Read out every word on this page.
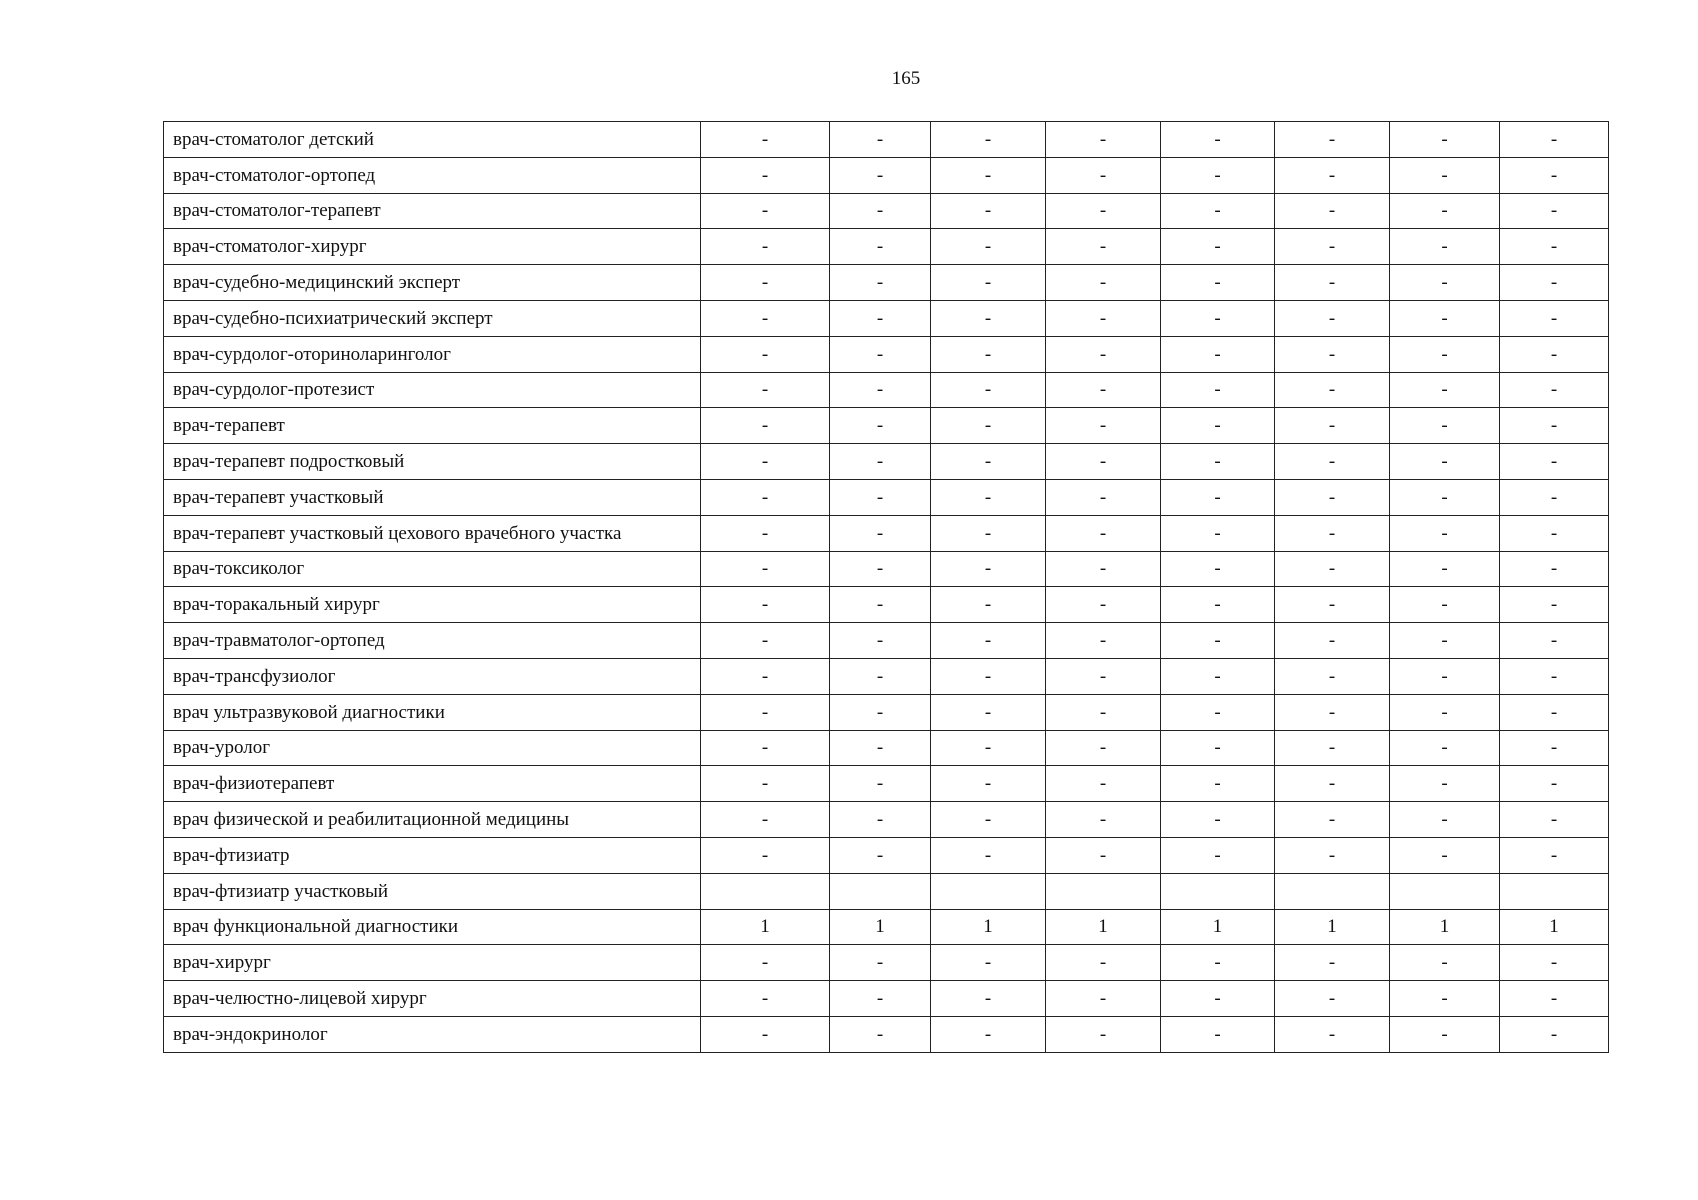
165
врач-стоматолог детский	-	-	-	-	-	-	-	-
врач-стоматолог-ортопед	-	-	-	-	-	-	-	-
врач-стоматолог-терапевт	-	-	-	-	-	-	-	-
врач-стоматолог-хирург	-	-	-	-	-	-	-	-
врач-судебно-медицинский эксперт	-	-	-	-	-	-	-	-
врач-судебно-психиатрический эксперт	-	-	-	-	-	-	-	-
врач-сурдолог-оториноларинголог	-	-	-	-	-	-	-	-
врач-сурдолог-протезист	-	-	-	-	-	-	-	-
врач-терапевт	-	-	-	-	-	-	-	-
врач-терапевт подростковый	-	-	-	-	-	-	-	-
врач-терапевт участковый	-	-	-	-	-	-	-	-
врач-терапевт участковый цехового врачебного участка	-	-	-	-	-	-	-	-
врач-токсиколог	-	-	-	-	-	-	-	-
врач-торакальный хирург	-	-	-	-	-	-	-	-
врач-травматолог-ортопед	-	-	-	-	-	-	-	-
врач-трансфузиолог	-	-	-	-	-	-	-	-
врач ультразвуковой диагностики	-	-	-	-	-	-	-	-
врач-уролог	-	-	-	-	-	-	-	-
врач-физиотерапевт	-	-	-	-	-	-	-	-
врач физической и реабилитационной медицины	-	-	-	-	-	-	-	-
врач-фтизиатр	-	-	-	-	-	-	-	-
врач-фтизиатр участковый								
врач функциональной диагностики	1	1	1	1	1	1	1	1
врач-хирург	-	-	-	-	-	-	-	-
врач-челюстно-лицевой хирург	-	-	-	-	-	-	-	-
врач-эндокринолог	-	-	-	-	-	-	-	-
